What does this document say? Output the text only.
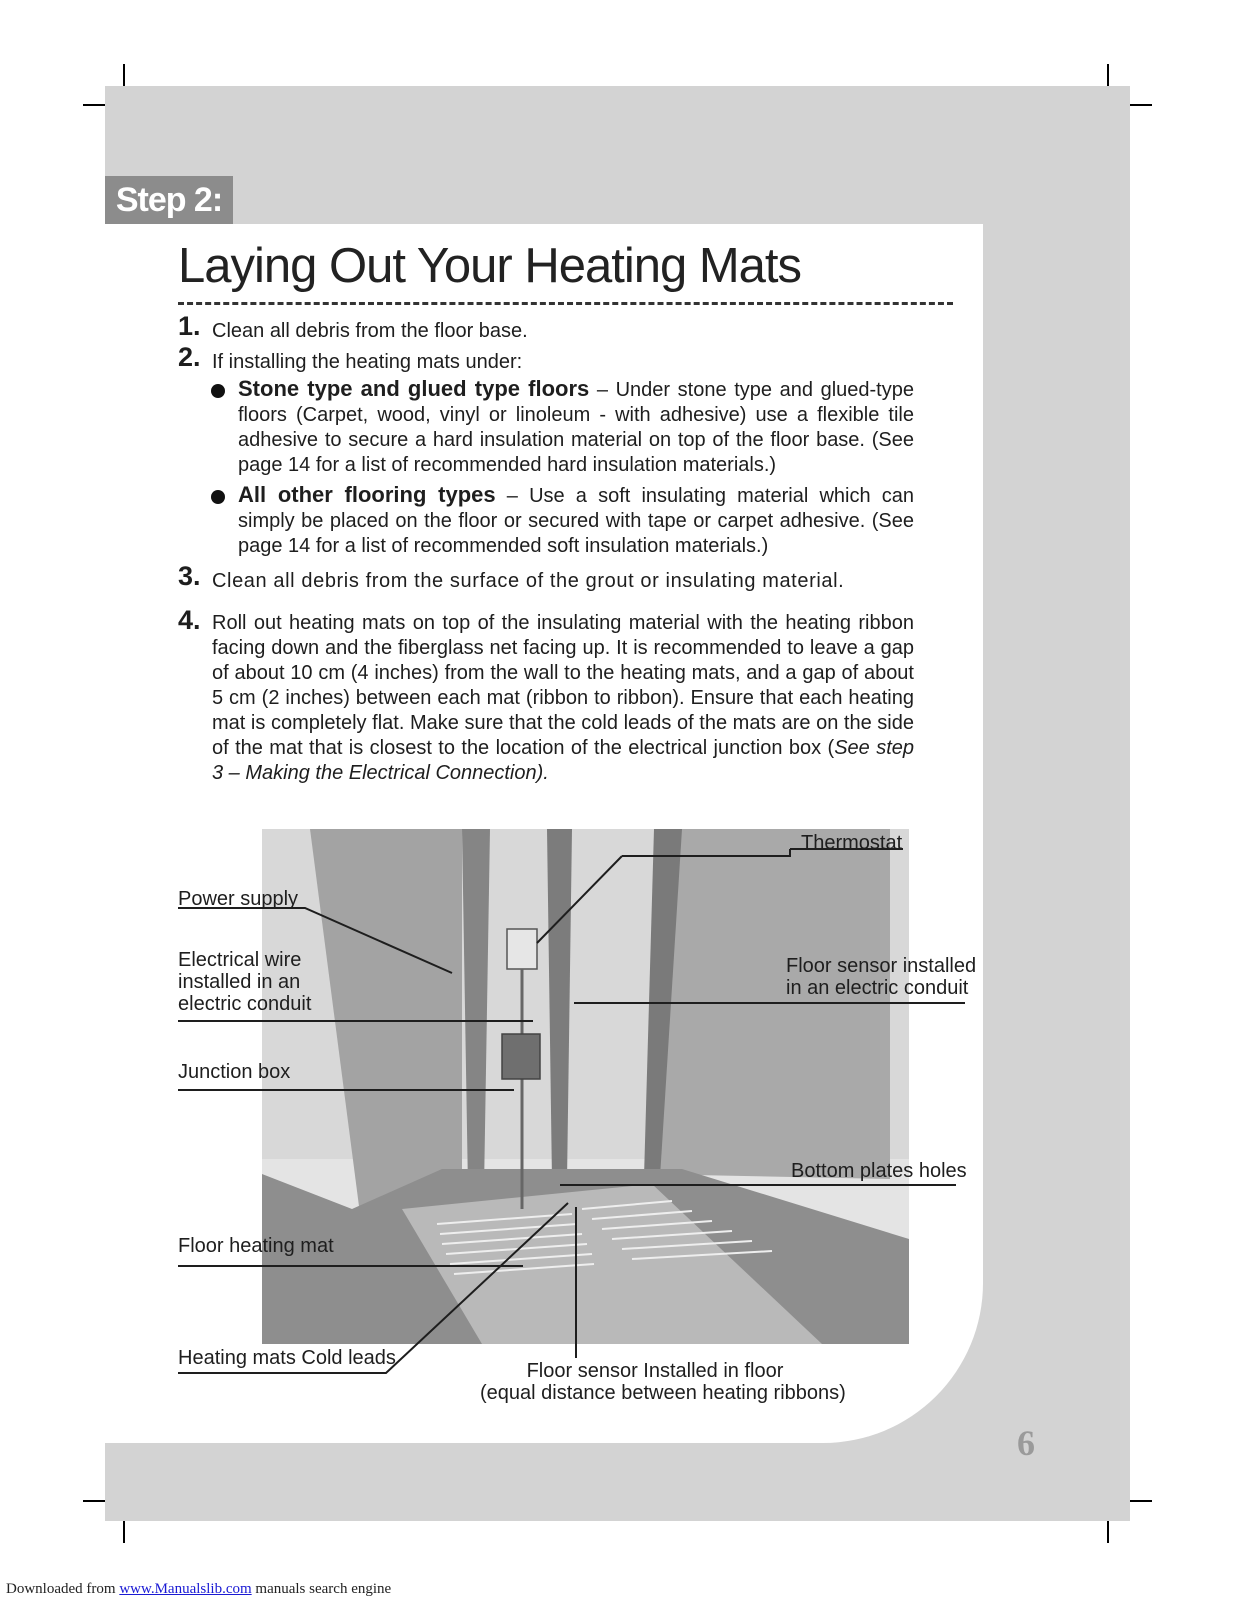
Step 2:
Laying Out Your Heating Mats
1. Clean all debris from the floor base.
2. If installing the heating mats under:
Stone type and glued type floors – Under stone type and glued-type floors (Carpet, wood, vinyl or linoleum - with adhesive) use a flexible tile adhesive to secure a hard insulation material on top of the floor base. (See page 14 for a list of recommended hard insulation materials.)
All other flooring types – Use a soft insulating material which can simply be placed on the floor or secured with tape or carpet adhesive. (See page 14 for a list of recommended soft insulation materials.)
3. Clean all debris from the surface of the grout or insulating material.
4. Roll out heating mats on top of the insulating material with the heating ribbon facing down and the fiberglass net facing up. It is recommended to leave a gap of about 10 cm (4 inches) from the wall to the heating mats, and a gap of about 5 cm (2 inches) between each mat (ribbon to ribbon). Ensure that each heating mat is completely flat. Make sure that the cold leads of the mats are on the side of the mat that is closest to the location of the electrical junction box (See step 3 – Making the Electrical Connection).
Thermostat
Power supply
Electrical wire
installed in an
electric conduit
Floor sensor installed
in an electric conduit
Junction box
Bottom plates holes
Floor heating mat
Heating mats Cold leads
Floor sensor Installed in floor
(equal distance between heating ribbons)
6
Downloaded from www.Manualslib.com manuals search engine
